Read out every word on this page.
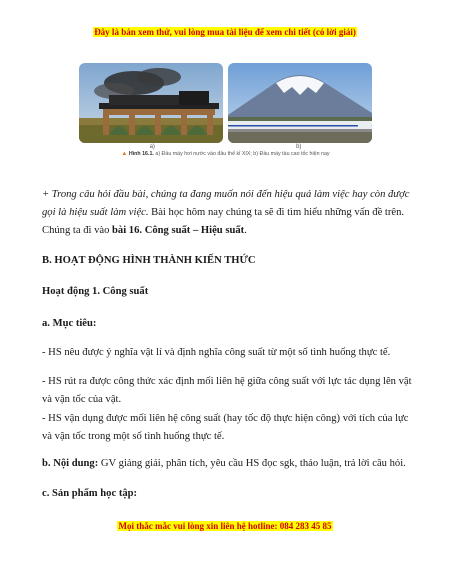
Đây là bản xem thử, vui lòng mua tài liệu để xem chi tiết (có lời giải)
a)	b)
▲ Hình 16.1. a) Đầu máy hơi nước vào đầu thế kỉ XIX; b) Đầu máy tàu cao tốc hiện nay

+ Trong câu hỏi đầu bài, chúng ta đang muốn nói đến hiệu quả làm việc hay còn được gọi là hiệu suất làm việc. Bài học hôm nay chúng ta sẽ đi tìm hiểu những vấn đề trên. Chúng ta đi vào bài 16. Công suất – Hiệu suất.

B. HOẠT ĐỘNG HÌNH THÀNH KIẾN THỨC
Hoạt động 1. Công suất
a. Mục tiêu:
- HS nêu được ý nghĩa vật lí và định nghĩa công suất từ một số tình huống thực tế.
- HS rút ra được công thức xác định mối liên hệ giữa công suất với lực tác dụng lên vật và vận tốc của vật.
- HS vận dụng được mối liên hệ công suất (hay tốc độ thực hiện công) với tích của lực và vận tốc trong một số tình huống thực tế.
b. Nội dung: GV giảng giải, phân tích, yêu cầu HS đọc sgk, thảo luận, trả lời câu hỏi.
c. Sản phẩm học tập:
Mọi thắc mắc vui lòng xin liên hệ hotline: 084 283 45 85
